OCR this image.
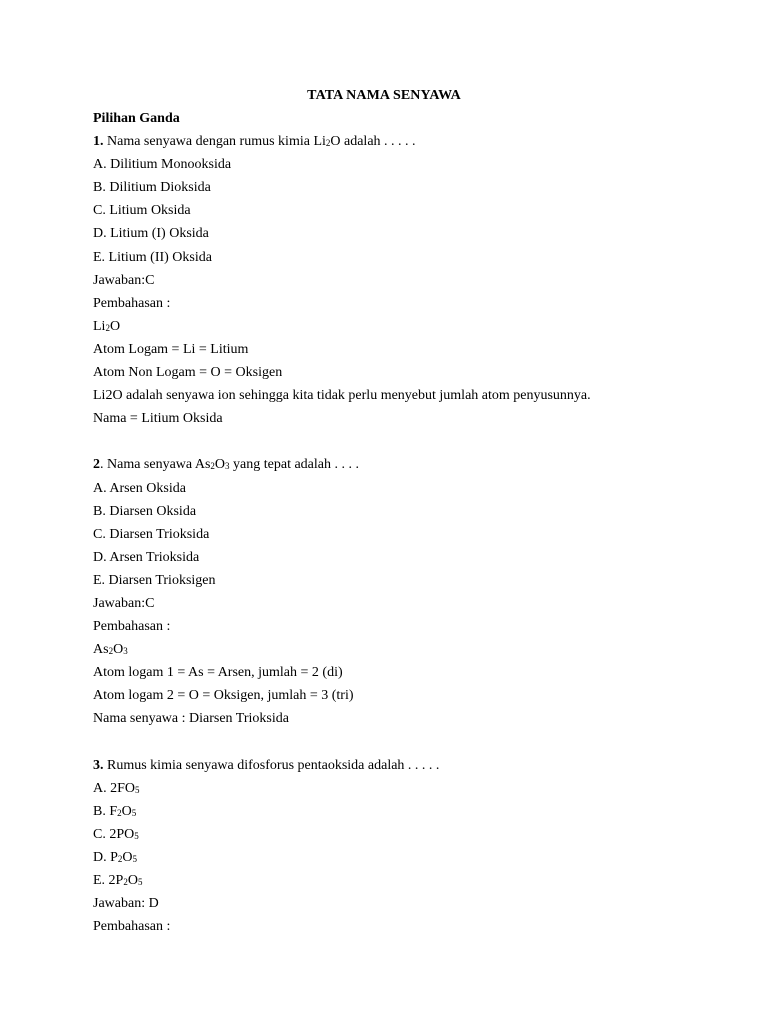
TATA NAMA SENYAWA
Pilihan Ganda
1. Nama senyawa dengan rumus kimia $Li_2O$ adalah . . . . .
A. Dilitium Monooksida
B. Dilitium Dioksida
C. Litium Oksida
D. Litium (I) Oksida
E. Litium (II) Oksida
Jawaban:C
Pembahasan :
$Li_2O$
Atom Logam = Li = Litium
Atom Non Logam = O = Oksigen
Li2O adalah senyawa ion sehingga kita tidak perlu menyebut jumlah atom penyusunnya.
Nama = Litium Oksida
2. Nama senyawa $As_2O_3$ yang tepat adalah . . . .
A. Arsen Oksida
B. Diarsen Oksida
C. Diarsen Trioksida
D. Arsen Trioksida
E. Diarsen Trioksigen
Jawaban:C
Pembahasan :
$As_2O_3$
Atom logam 1 = As = Arsen, jumlah = 2 (di)
Atom logam 2 = O = Oksigen, jumlah = 3 (tri)
Nama senyawa : Diarsen Trioksida
3. Rumus kimia senyawa difosforus pentaoksida adalah . . . . .
A. $2FO_5$
B. $F_2O_5$
C. $2PO_5$
D. $P_2O_5$
E. $2P_2O_5$
Jawaban: D
Pembahasan :
